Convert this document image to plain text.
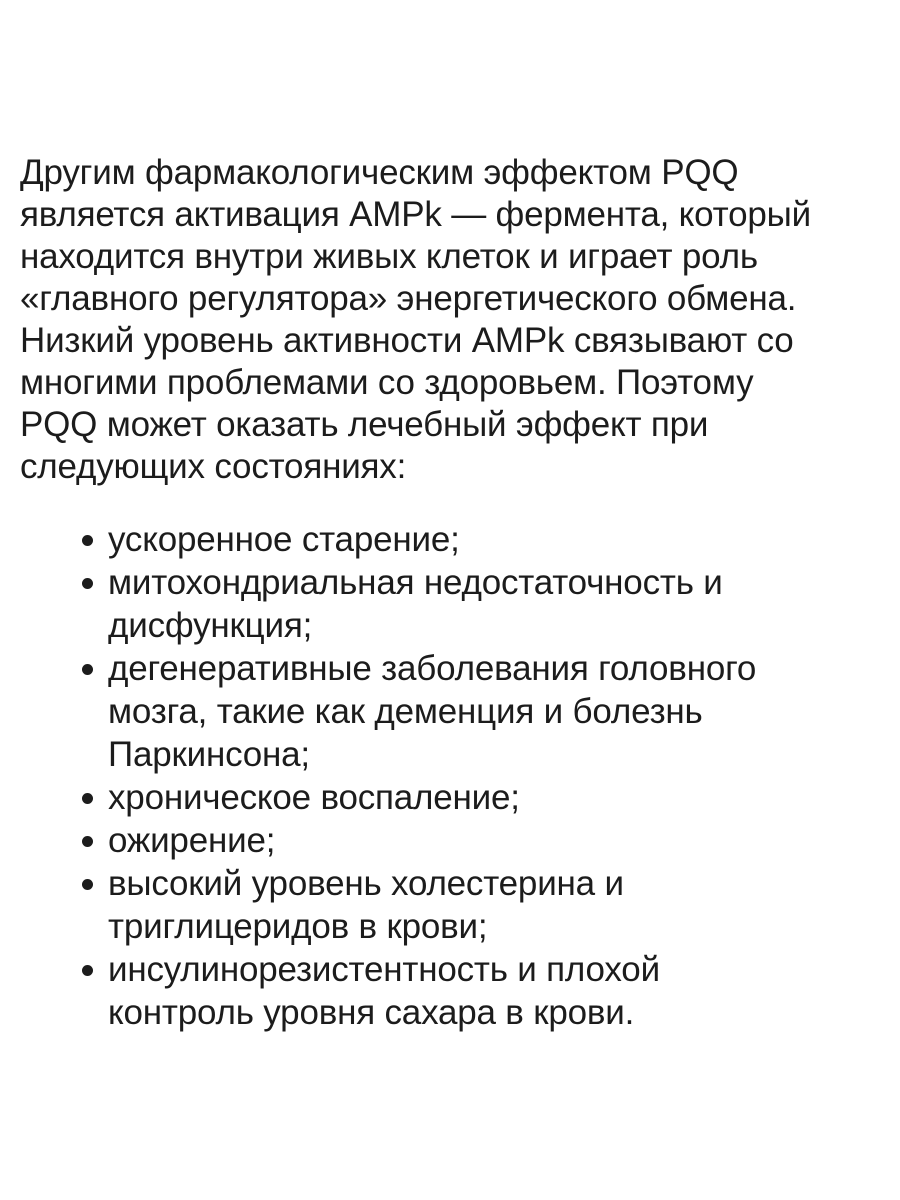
Другим фармакологическим эффектом PQQ
является активация AMPk — фермента, который
находится внутри живых клеток и играет роль
«главного регулятора» энергетического обмена.
Низкий уровень активности AMPk связывают со
многими проблемами со здоровьем. Поэтому
PQQ может оказать лечебный эффект при
следующих состояниях:

ускоренное старение;
митохондриальная недостаточность и
дисфункция;
дегенеративные заболевания головного
мозга, такие как деменция и болезнь
Паркинсона;
хроническое воспаление;
ожирение;
высокий уровень холестерина и
триглицеридов в крови;
инсулинорезистентность и плохой
контроль уровня сахара в крови.
